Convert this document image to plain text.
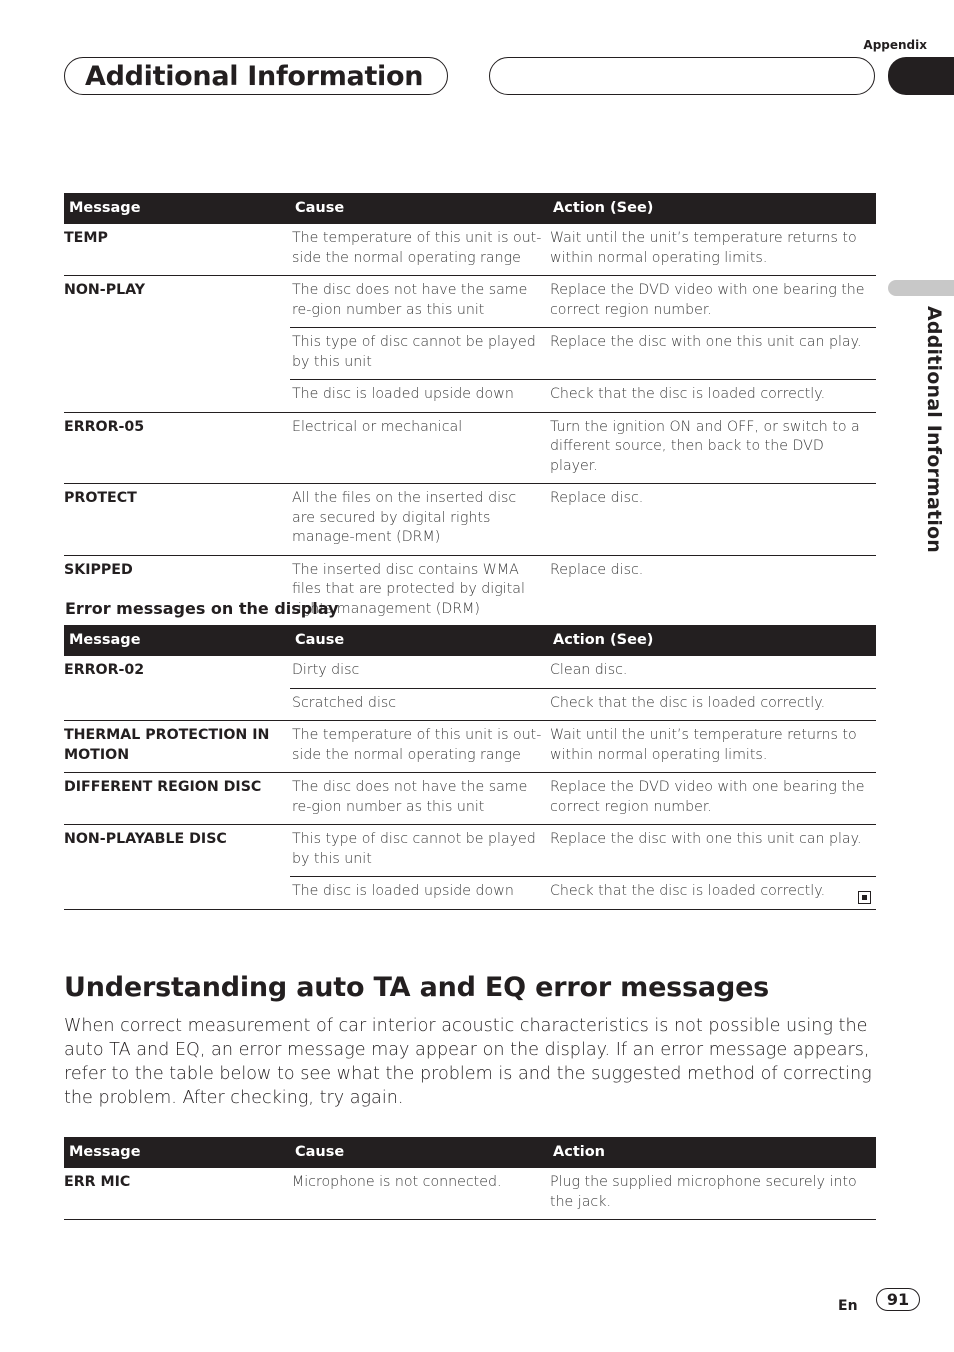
Appendix
Additional Information
Additional Information
Message	Cause	Action (See)
TEMP	The temperature of this unit is out-side the normal operating range	Wait until the unit’s temperature returns to within normal operating limits.
NON-PLAY	The disc does not have the same re-gion number as this unit	Replace the DVD video with one bearing the correct region number.
	This type of disc cannot be played by this unit	Replace the disc with one this unit can play.
	The disc is loaded upside down	Check that the disc is loaded correctly.
ERROR-05	Electrical or mechanical	Turn the ignition ON and OFF, or switch to a different source, then back to the DVD player.
PROTECT	All the files on the inserted disc are secured by digital rights manage-ment (DRM)	Replace disc.
SKIPPED	The inserted disc contains WMA files that are protected by digital rights management (DRM)	Replace disc.
Error messages on the display
Message	Cause	Action (See)
ERROR-02	Dirty disc	Clean disc.
	Scratched disc	Check that the disc is loaded correctly.
THERMAL PROTECTION IN MOTION	The temperature of this unit is out-side the normal operating range	Wait until the unit’s temperature returns to within normal operating limits.
DIFFERENT REGION DISC	The disc does not have the same re-gion number as this unit	Replace the DVD video with one bearing the correct region number.
NON-PLAYABLE DISC	This type of disc cannot be played by this unit	Replace the disc with one this unit can play.
	The disc is loaded upside down	Check that the disc is loaded correctly.
Understanding auto TA and EQ error messages
When correct measurement of car interior acoustic characteristics is not possible using the auto TA and EQ, an error message may appear on the display. If an error message appears, refer to the table below to see what the problem is and the suggested method of correcting the problem. After checking, try again.
Message	Cause	Action
ERR MIC	Microphone is not connected.	Plug the supplied microphone securely into the jack.
En 91
